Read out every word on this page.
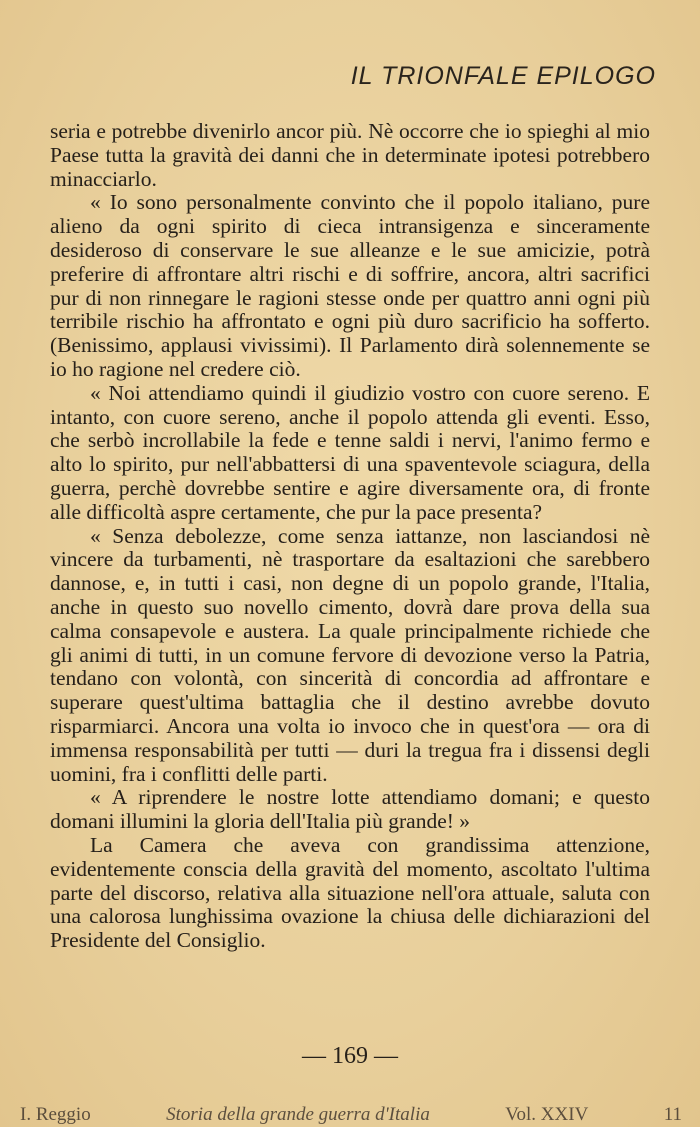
IL TRIONFALE EPILOGO

seria e potrebbe divenirlo ancor più. Nè occorre che io spieghi al mio Paese tutta la gravità dei danni che in determinate ipotesi potrebbero minacciarlo.

« Io sono personalmente convinto che il popolo italiano, pure alieno da ogni spirito di cieca intransigenza e sinceramente desideroso di conservare le sue alleanze e le sue amicizie, potrà preferire di affrontare altri rischi e di soffrire, ancora, altri sacrifici pur di non rinnegare le ragioni stesse onde per quattro anni ogni più terribile rischio ha affrontato e ogni più duro sacrificio ha sofferto. (Benissimo, applausi vivissimi). Il Parlamento dirà solennemente se io ho ragione nel credere ciò.

« Noi attendiamo quindi il giudizio vostro con cuore sereno. E intanto, con cuore sereno, anche il popolo attenda gli eventi. Esso, che serbò incrollabile la fede e tenne saldi i nervi, l'animo fermo e alto lo spirito, pur nell'abbattersi di una spaventevole sciagura, della guerra, perchè dovrebbe sentire e agire diversamente ora, di fronte alle difficoltà aspre certamente, che pur la pace presenta?

« Senza debolezze, come senza iattanze, non lasciandosi nè vincere da turbamenti, nè trasportare da esaltazioni che sarebbero dannose, e, in tutti i casi, non degne di un popolo grande, l'Italia, anche in questo suo novello cimento, dovrà dare prova della sua calma consapevole e austera. La quale principalmente richiede che gli animi di tutti, in un comune fervore di devozione verso la Patria, tendano con volontà, con sincerità di concordia ad affrontare e superare quest'ultima battaglia che il destino avrebbe dovuto risparmiarci. Ancora una volta io invoco che in quest'ora — ora di immensa responsabilità per tutti — duri la tregua fra i dissensi degli uomini, fra i conflitti delle parti.

« A riprendere le nostre lotte attendiamo domani; e questo domani illumini la gloria dell'Italia più grande! »

La Camera che aveva con grandissima attenzione, evidentemente conscia della gravità del momento, ascoltato l'ultima parte del discorso, relativa alla situazione nell'ora attuale, saluta con una calorosa lunghissima ovazione la chiusa delle dichiarazioni del Presidente del Consiglio.

— 169 —
I. Reggio	Storia della grande guerra d'Italia	Vol. XXIV	11
